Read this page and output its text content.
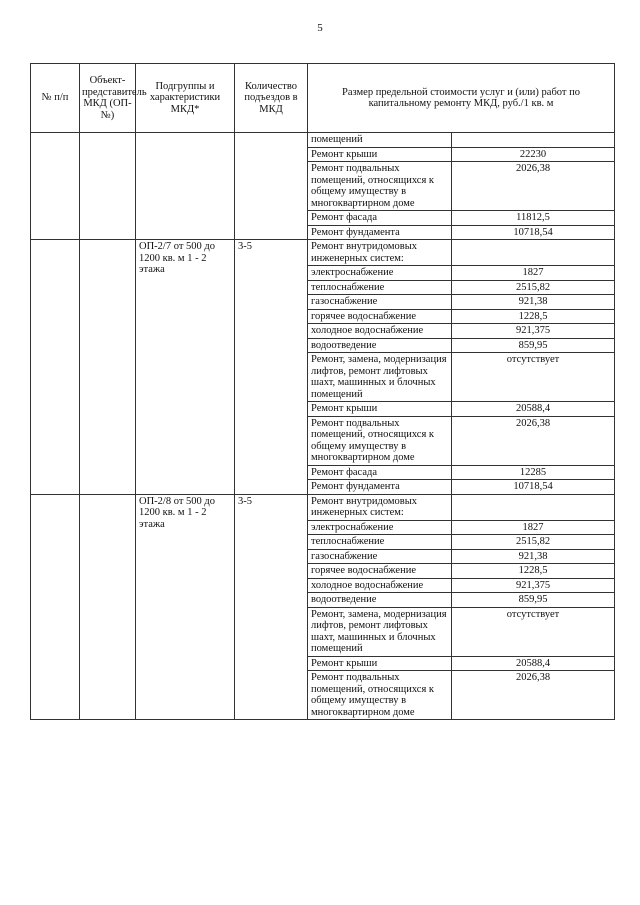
5
№ п/п	Объект-представитель МКД (ОП-№)	Подгруппы и характеристики МКД*	Количество подъездов в МКД	Размер предельной стоимости услуг и (или) работ по капитальному ремонту МКД, руб./1 кв. м	
				помещений	
				Ремонт крыши	22230
				Ремонт подвальных помещений, относящихся к общему имуществу в многоквартирном доме	2026,38
				Ремонт фасада	11812,5
				Ремонт фундамента	10718,54
		ОП-2/7 от 500 до 1200 кв. м 1 - 2 этажа	3-5	Ремонт внутридомовых инженерных систем:	
				электроснабжение	1827
				теплоснабжение	2515,82
				газоснабжение	921,38
				горячее водоснабжение	1228,5
				холодное водоснабжение	921,375
				водоотведение	859,95
				Ремонт, замена, модернизация лифтов, ремонт лифтовых шахт, машинных и блочных помещений	отсутствует
				Ремонт крыши	20588,4
				Ремонт подвальных помещений, относящихся к общему имуществу в многоквартирном доме	2026,38
				Ремонт фасада	12285
				Ремонт фундамента	10718,54
		ОП-2/8 от 500 до 1200 кв. м 1 - 2 этажа	3-5	Ремонт внутридомовых инженерных систем:	
				электроснабжение	1827
				теплоснабжение	2515,82
				газоснабжение	921,38
				горячее водоснабжение	1228,5
				холодное водоснабжение	921,375
				водоотведение	859,95
				Ремонт, замена, модернизация лифтов, ремонт лифтовых шахт, машинных и блочных помещений	отсутствует
				Ремонт крыши	20588,4
				Ремонт подвальных помещений, относящихся к общему имуществу в многоквартирном доме	2026,38
